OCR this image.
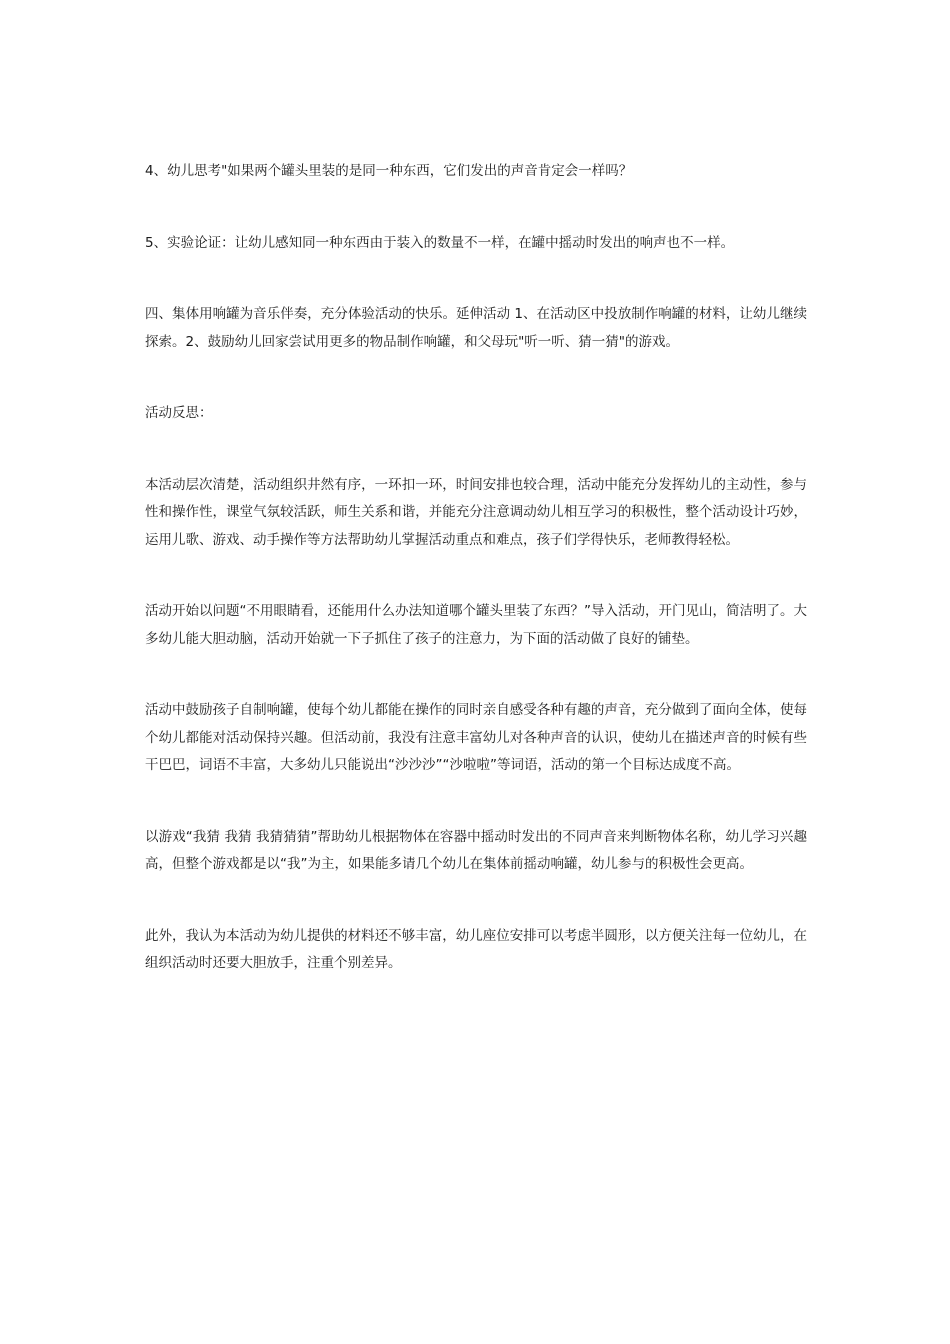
4、幼儿思考"如果两个罐头里装的是同一种东西，它们发出的声音肯定会一样吗？

5、实验论证：让幼儿感知同一种东西由于装入的数量不一样，在罐中摇动时发出的响声也不一样。

四、集体用响罐为音乐伴奏，充分体验活动的快乐。延伸活动 1、在活动区中投放制作响罐的材料，让幼儿继续探索。2、鼓励幼儿回家尝试用更多的物品制作响罐，和父母玩"听一听、猜一猜"的游戏。

活动反思：

本活动层次清楚，活动组织井然有序，一环扣一环，时间安排也较合理，活动中能充分发挥幼儿的主动性，参与性和操作性，课堂气氛较活跃，师生关系和谐，并能充分注意调动幼儿相互学习的积极性，整个活动设计巧妙，运用儿歌、游戏、动手操作等方法帮助幼儿掌握活动重点和难点，孩子们学得快乐，老师教得轻松。

活动开始以问题“不用眼睛看，还能用什么办法知道哪个罐头里装了东西？”导入活动，开门见山，简洁明了。大多幼儿能大胆动脑，活动开始就一下子抓住了孩子的注意力，为下面的活动做了良好的铺垫。

活动中鼓励孩子自制响罐，使每个幼儿都能在操作的同时亲自感受各种有趣的声音，充分做到了面向全体，使每个幼儿都能对活动保持兴趣。但活动前，我没有注意丰富幼儿对各种声音的认识，使幼儿在描述声音的时候有些干巴巴，词语不丰富，大多幼儿只能说出“沙沙沙”“沙啦啦”等词语，活动的第一个目标达成度不高。

以游戏“我猜 我猜 我猜猜猜”帮助幼儿根据物体在容器中摇动时发出的不同声音来判断物体名称，幼儿学习兴趣高，但整个游戏都是以“我”为主，如果能多请几个幼儿在集体前摇动响罐，幼儿参与的积极性会更高。

此外，我认为本活动为幼儿提供的材料还不够丰富，幼儿座位安排可以考虑半圆形，以方便关注每一位幼儿，在组织活动时还要大胆放手，注重个别差异。
